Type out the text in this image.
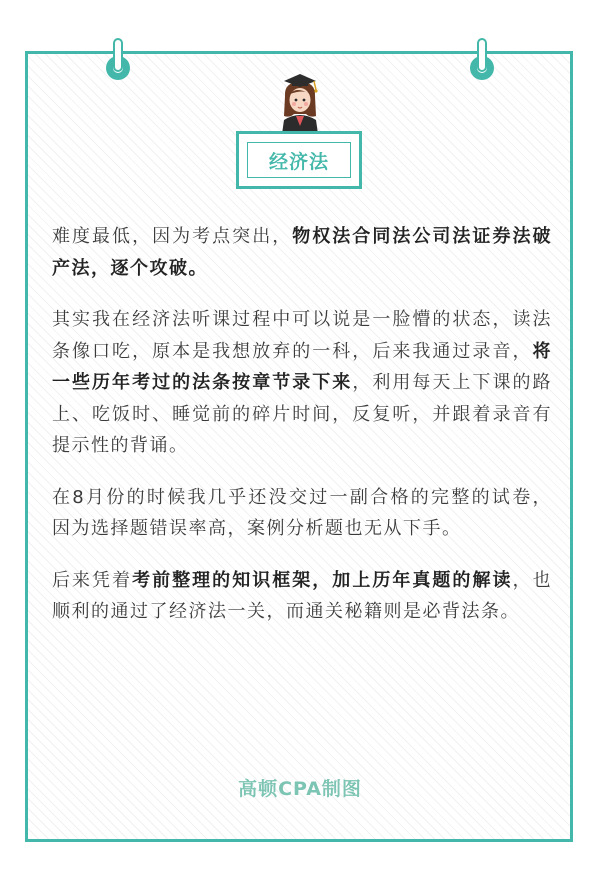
经济法

难度最低，因为考点突出，物权法合同法公司法证券法破产法，逐个攻破。

其实我在经济法听课过程中可以说是一脸懵的状态，读法条像口吃，原本是我想放弃的一科，后来我通过录音，将一些历年考过的法条按章节录下来，利用每天上下课的路上、吃饭时、睡觉前的碎片时间，反复听，并跟着录音有提示性的背诵。

在8月份的时候我几乎还没交过一副合格的完整的试卷，因为选择题错误率高，案例分析题也无从下手。

后来凭着考前整理的知识框架，加上历年真题的解读，也顺利的通过了经济法一关，而通关秘籍则是必背法条。

高顿CPA制图
